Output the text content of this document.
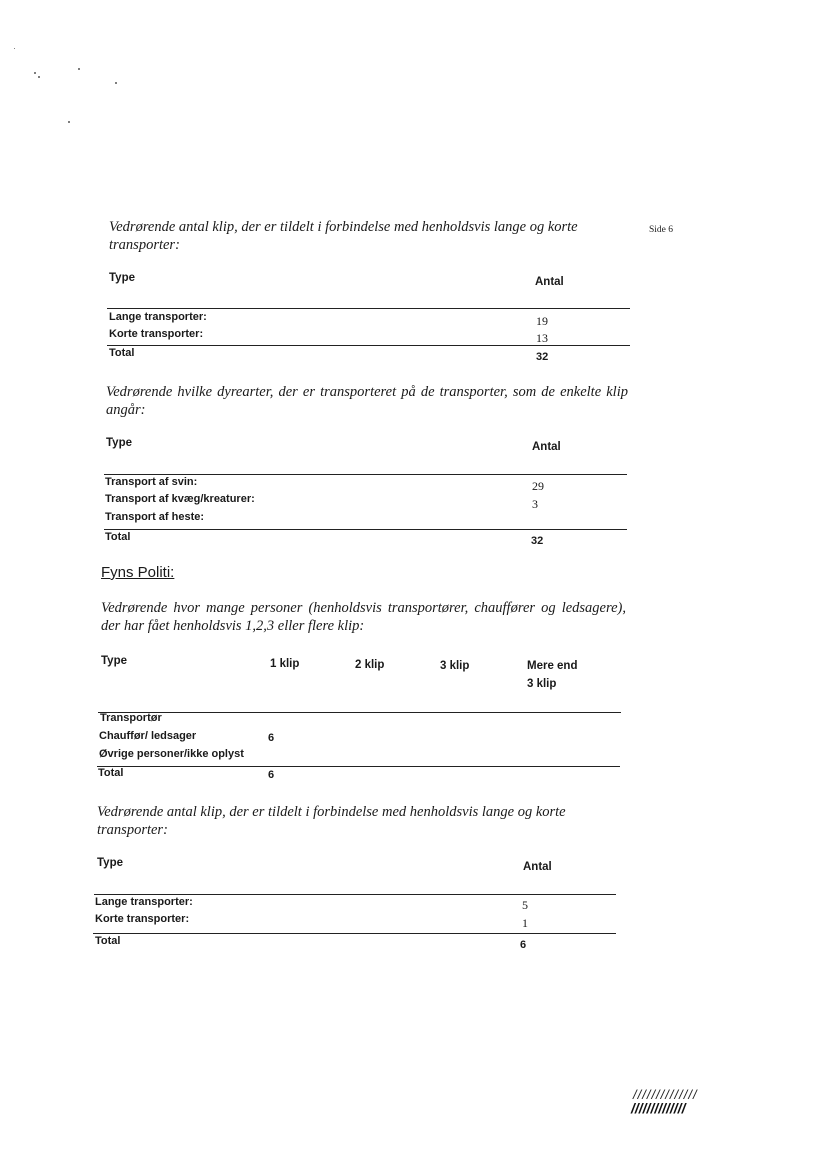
Side 6
Vedrørende antal klip, der er tildelt i forbindelse med henholdsvis lange og korte transporter:
Type	Antal
Lange transporter:	19
Korte transporter:	13
Total	32
Vedrørende hvilke dyrearter, der er transporteret på de transporter, som de enkelte klip angår:
Type	Antal
Transport af svin:	29
Transport af kvæg/kreaturer:	3
Transport af heste:
Total	32
Fyns Politi:
Vedrørende hvor mange personer (henholdsvis transportører, chauffører og ledsagere), der har fået henholdsvis 1,2,3 eller flere klip:
Type	1 klip	2 klip	3 klip	Mere end
3 klip
Transportør
Chauffør/ ledsager	6
Øvrige personer/ikke oplyst
Total	6
Vedrørende antal klip, der er tildelt i forbindelse med henholdsvis lange og korte transporter:
Type	Antal
Lange transporter:	5
Korte transporter:	1
Total	6
//////////////
//////////////
